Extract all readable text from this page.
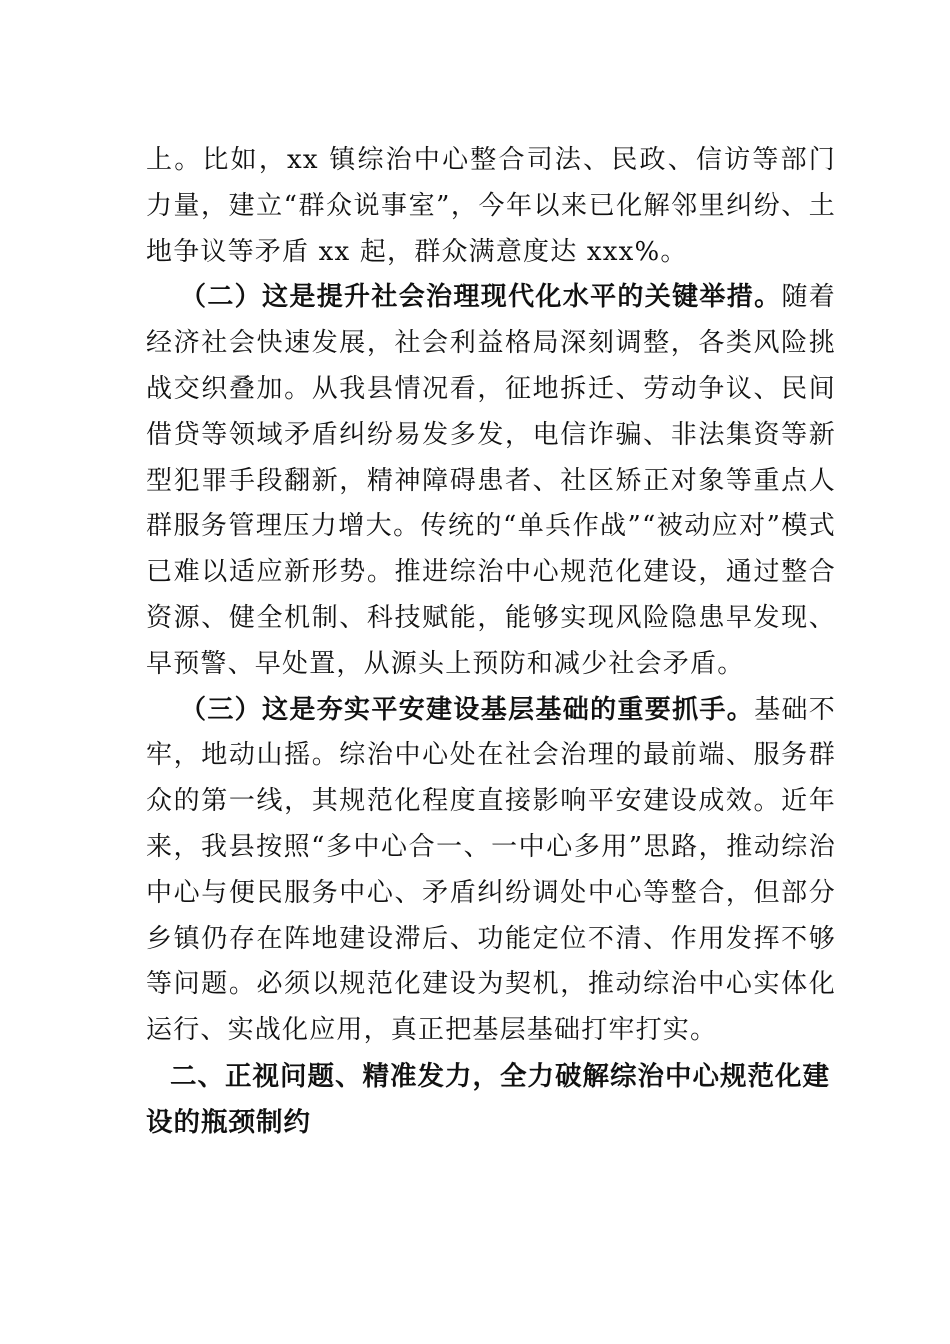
上。比如，xx 镇综治中心整合司法、民政、信访等部门力量，建立“群众说事室”，今年以来已化解邻里纠纷、土地争议等矛盾 xx 起，群众满意度达 xxx%。

（二）这是提升社会治理现代化水平的关键举措。随着经济社会快速发展，社会利益格局深刻调整，各类风险挑战交织叠加。从我县情况看，征地拆迁、劳动争议、民间借贷等领域矛盾纠纷易发多发，电信诈骗、非法集资等新型犯罪手段翻新，精神障碍患者、社区矫正对象等重点人群服务管理压力增大。传统的“单兵作战”“被动应对”模式已难以适应新形势。推进综治中心规范化建设，通过整合资源、健全机制、科技赋能，能够实现风险隐患早发现、早预警、早处置，从源头上预防和减少社会矛盾。

（三）这是夯实平安建设基层基础的重要抓手。基础不牢，地动山摇。综治中心处在社会治理的最前端、服务群众的第一线，其规范化程度直接影响平安建设成效。近年来，我县按照“多中心合一、一中心多用”思路，推动综治中心与便民服务中心、矛盾纠纷调处中心等整合，但部分乡镇仍存在阵地建设滞后、功能定位不清、作用发挥不够等问题。必须以规范化建设为契机，推动综治中心实体化运行、实战化应用，真正把基层基础打牢打实。

二、正视问题、精准发力，全力破解综治中心规范化建设的瓶颈制约
